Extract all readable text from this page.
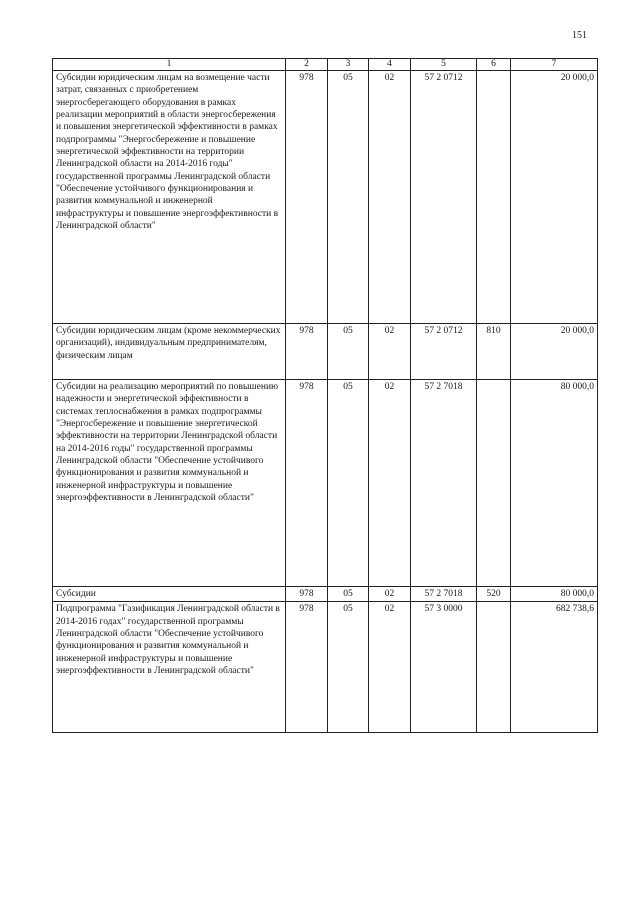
151
1	2	3	4	5	6	7
Субсидии юридическим лицам на возмещение части затрат, связанных с приобретением энергосберегающего оборудования в рамках реализации мероприятий в области энергосбережения и повышения энергетической эффективности в рамках подпрограммы "Энергосбережение и повышение энергетической эффективности на территории Ленинградской области на 2014-2016 годы" государственной программы Ленинградской области "Обеспечение устойчивого функционирования и развития коммунальной и инженерной инфраструктуры и повышение энергоэффективности в Ленинградской области"	978	05	02	57 2 0712		20 000,0
Субсидии юридическим лицам (кроме некоммерческих организаций), индивидуальным предпринимателям, физическим лицам	978	05	02	57 2 0712	810	20 000,0
Субсидии на реализацию мероприятий по повышению надежности и энергетической эффективности в системах теплоснабжения в рамках подпрограммы "Энергосбережение и повышение энергетической эффективности на территории Ленинградской области на 2014-2016 годы" государственной программы Ленинградской области "Обеспечение устойчивого функционирования и развития коммунальной и инженерной инфраструктуры и повышение энергоэффективности в Ленинградской области"	978	05	02	57 2 7018		80 000,0
Субсидии	978	05	02	57 2 7018	520	80 000,0
Подпрограмма "Газификация Ленинградской области в 2014-2016 годах" государственной программы Ленинградской области "Обеспечение устойчивого функционирования и развития коммунальной и инженерной инфраструктуры и повышение энергоэффективности в Ленинградской области"	978	05	02	57 3 0000		682 738,6
